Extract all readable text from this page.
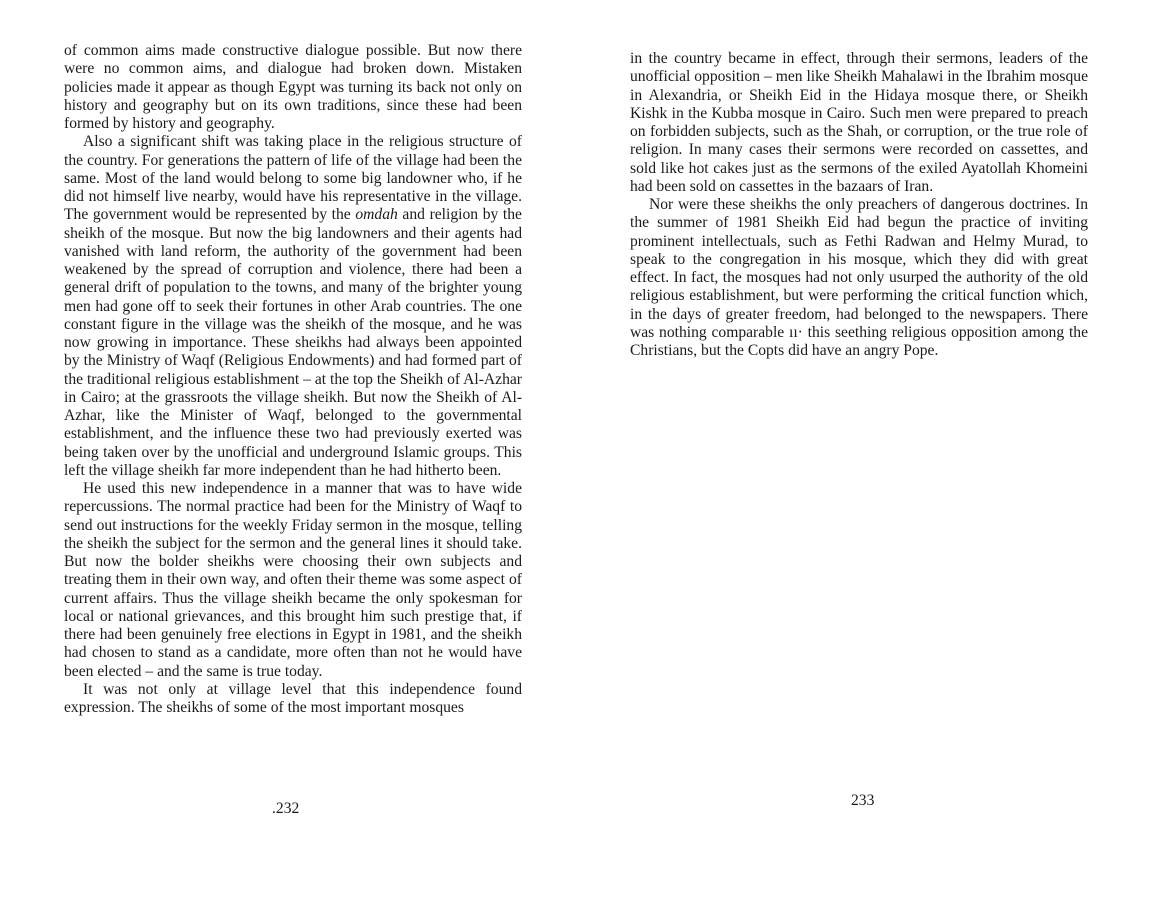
of common aims made constructive dialogue possible. But now there were no common aims, and dialogue had broken down. Mistaken policies made it appear as though Egypt was turning its back not only on history and geography but on its own traditions, since these had been formed by history and geography.

Also a significant shift was taking place in the religious structure of the country. For generations the pattern of life of the village had been the same. Most of the land would belong to some big landowner who, if he did not himself live nearby, would have his representative in the village. The government would be represented by the omdah and religion by the sheikh of the mosque. But now the big landowners and their agents had vanished with land reform, the authority of the government had been weakened by the spread of corruption and violence, there had been a general drift of population to the towns, and many of the brighter young men had gone off to seek their fortunes in other Arab countries. The one constant figure in the village was the sheikh of the mosque, and he was now growing in importance. These sheikhs had always been appointed by the Ministry of Waqf (Religious Endowments) and had formed part of the traditional religious establishment – at the top the Sheikh of Al-Azhar in Cairo; at the grassroots the village sheikh. But now the Sheikh of Al-Azhar, like the Minister of Waqf, belonged to the governmental establishment, and the influence these two had previously exerted was being taken over by the unofficial and underground Islamic groups. This left the village sheikh far more independent than he had hitherto been.

He used this new independence in a manner that was to have wide repercussions. The normal practice had been for the Ministry of Waqf to send out instructions for the weekly Friday sermon in the mosque, telling the sheikh the subject for the sermon and the general lines it should take. But now the bolder sheikhs were choosing their own subjects and treating them in their own way, and often their theme was some aspect of current affairs. Thus the village sheikh became the only spokesman for local or national grievances, and this brought him such prestige that, if there had been genuinely free elections in Egypt in 1981, and the sheikh had chosen to stand as a candidate, more often than not he would have been elected – and the same is true today.

It was not only at village level that this independence found expression. The sheikhs of some of the most important mosques

.232

in the country became in effect, through their sermons, leaders of the unofficial opposition – men like Sheikh Mahalawi in the Ibrahim mosque in Alexandria, or Sheikh Eid in the Hidaya mosque there, or Sheikh Kishk in the Kubba mosque in Cairo. Such men were prepared to preach on forbidden subjects, such as the Shah, or corruption, or the true role of religion. In many cases their sermons were recorded on cassettes, and sold like hot cakes just as the sermons of the exiled Ayatollah Khomeini had been sold on cassettes in the bazaars of Iran.

Nor were these sheikhs the only preachers of dangerous doctrines. In the summer of 1981 Sheikh Eid had begun the practice of inviting prominent intellectuals, such as Fethi Radwan and Helmy Murad, to speak to the congregation in his mosque, which they did with great effect. In fact, the mosques had not only usurped the authority of the old religious establishment, but were performing the critical function which, in the days of greater freedom, had belonged to the newspapers. There was nothing comparable ıı· this seething religious opposition among the Christians, but the Copts did have an angry Pope.

233
